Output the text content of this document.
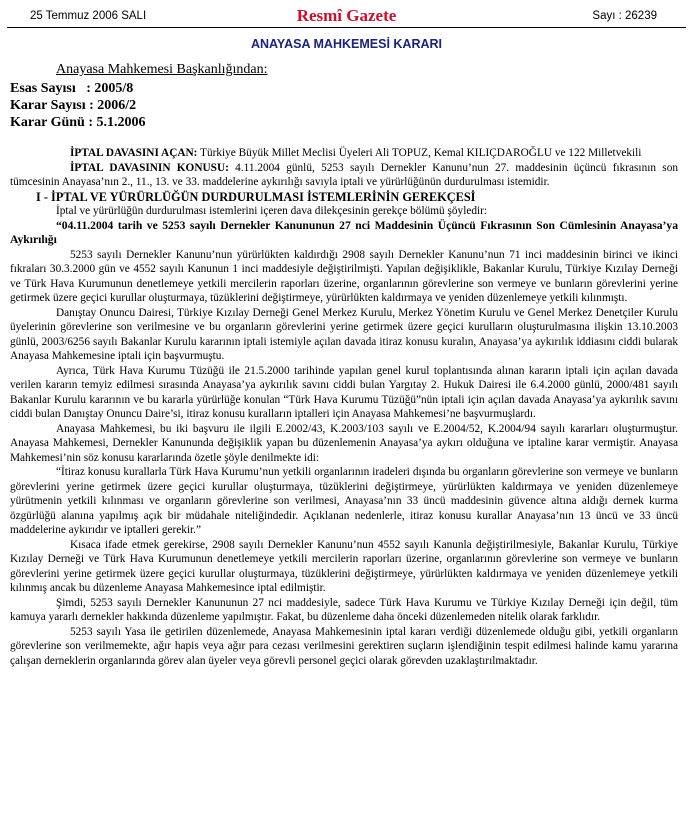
25 Temmuz 2006 SALI	Resmî Gazete	Sayı : 26239
ANAYASA MAHKEMESİ KARARI
Anayasa Mahkemesi Başkanlığından:
Esas Sayısı   : 2005/8
Karar Sayısı : 2006/2
Karar Günü : 5.1.2006

İPTAL DAVASINI AÇAN: Türkiye Büyük Millet Meclisi Üyeleri Ali TOPUZ, Kemal KILIÇDAROĞLU ve 122 Milletvekili

İPTAL DAVASININ KONUSU: 4.11.2004 günlü, 5253 sayılı Dernekler Kanunu’nun 27. maddesinin üçüncü fıkrasının son tümcesinin Anayasa’nın 2., 11., 13. ve 33. maddelerine aykırılığı savıyla iptali ve yürürlüğünün durdurulması istemidir.

I - İPTAL VE YÜRÜRLÜĞÜN DURDURULMASI İSTEMLERİNİN GEREKÇESİ

İptal ve yürürlüğün durdurulması istemlerini içeren dava dilekçesinin gerekçe bölümü şöyledir:

“04.11.2004 tarih ve 5253 sayılı Dernekler Kanununun 27 nci Maddesinin Üçüncü Fıkrasının Son Cümlesinin Anayasa’ya Aykırılığı

5253 sayılı Dernekler Kanunu’nun yürürlükten kaldırdığı 2908 sayılı Dernekler Kanunu’nun 71 inci maddesinin birinci ve ikinci fıkraları 30.3.2000 gün ve 4552 sayılı Kanunun 1 inci maddesiyle değiştirilmişti. Yapılan değişiklikle, Bakanlar Kurulu, Türkiye Kızılay Derneği ve Türk Hava Kurumunun denetlemeye yetkili mercilerin raporları üzerine, organlarının görevlerine son vermeye ve bunların görevlerini yerine getirmek üzere geçici kurullar oluşturmaya, tüzüklerini değiştirmeye, yürürlükten kaldırmaya ve yeniden düzenlemeye yetkili kılınmıştı.

Danıştay Onuncu Dairesi, Türkiye Kızılay Derneği Genel Merkez Kurulu, Merkez Yönetim Kurulu ve Genel Merkez Denetçiler Kurulu üyelerinin görevlerine son verilmesine ve bu organların görevlerini yerine getirmek üzere geçici kurulların oluşturulmasına ilişkin 13.10.2003 günlü, 2003/6256 sayılı Bakanlar Kurulu kararının iptali istemiyle açılan davada itiraz konusu kuralın, Anayasa’ya aykırılık iddiasını ciddi bularak Anayasa Mahkemesine iptali için başvurmuştu.

Ayrıca, Türk Hava Kurumu Tüzüğü ile 21.5.2000 tarihinde yapılan genel kurul toplantısında alınan kararın iptali için açılan davada verilen kararın temyiz edilmesi sırasında Anayasa’ya aykırılık savını ciddi bulan Yargıtay 2. Hukuk Dairesi ile 6.4.2000 günlü, 2000/481 sayılı Bakanlar Kurulu kararının ve bu kararla yürürlüğe konulan “Türk Hava Kurumu Tüzüğü”nün iptali için açılan davada Anayasa’ya aykırılık savını ciddi bulan Danıştay Onuncu Daire’si, itiraz konusu kuralların iptalleri için Anayasa Mahkemesi’ne başvurmuşlardı.

Anayasa Mahkemesi, bu iki başvuru ile ilgili E.2002/43, K.2003/103 sayılı ve E.2004/52, K.2004/94 sayılı kararları oluşturmuştur. Anayasa Mahkemesi, Dernekler Kanununda değişiklik yapan bu düzenlemenin Anayasa’ya aykırı olduğuna ve iptaline karar vermiştir. Anayasa Mahkemesi’nin söz konusu kararlarında özetle şöyle denilmekte idi:

“İtiraz konusu kurallarla Türk Hava Kurumu’nun yetkili organlarının iradeleri dışında bu organların görevlerine son vermeye ve bunların görevlerini yerine getirmek üzere geçici kurullar oluşturmaya, tüzüklerini değiştirmeye, yürürlükten kaldırmaya ve yeniden düzenlemeye yürütmenin yetkili kılınması ve organların görevlerine son verilmesi, Anayasa’nın 33 üncü maddesinin güvence altına aldığı dernek kurma özgürlüğü alanına yapılmış açık bir müdahale niteliğindedir. Açıklanan nedenlerle, itiraz konusu kurallar Anayasa’nın 13 üncü ve 33 üncü maddelerine aykırıdır ve iptalleri gerekir.”

Kısaca ifade etmek gerekirse, 2908 sayılı Dernekler Kanunu’nun 4552 sayılı Kanunla değiştirilmesiyle, Bakanlar Kurulu, Türkiye Kızılay Derneği ve Türk Hava Kurumunun denetlemeye yetkili mercilerin raporları üzerine, organlarının görevlerine son vermeye ve bunların görevlerini yerine getirmek üzere geçici kurullar oluşturmaya, tüzüklerini değiştirmeye, yürürlükten kaldırmaya ve yeniden düzenlemeye yetkili kılınmış ancak bu düzenleme Anayasa Mahkemesince iptal edilmiştir.

Şimdi, 5253 sayılı Dernekler Kanununun 27 nci maddesiyle, sadece Türk Hava Kurumu ve Türkiye Kızılay Derneği için değil, tüm kamuya yararlı dernekler hakkında düzenleme yapılmıştır. Fakat, bu düzenleme daha önceki düzenlemeden nitelik olarak farklıdır.

5253 sayılı Yasa ile getirilen düzenlemede, Anayasa Mahkemesinin iptal kararı verdiği düzenlemede olduğu gibi, yetkili organların görevlerine son verilmemekte, ağır hapis veya ağır para cezası verilmesini gerektiren suçların işlendiğinin tespit edilmesi halinde kamu yararına çalışan derneklerin organlarında görev alan üyeler veya görevli personel geçici olarak görevden uzaklaştırılmaktadır.
